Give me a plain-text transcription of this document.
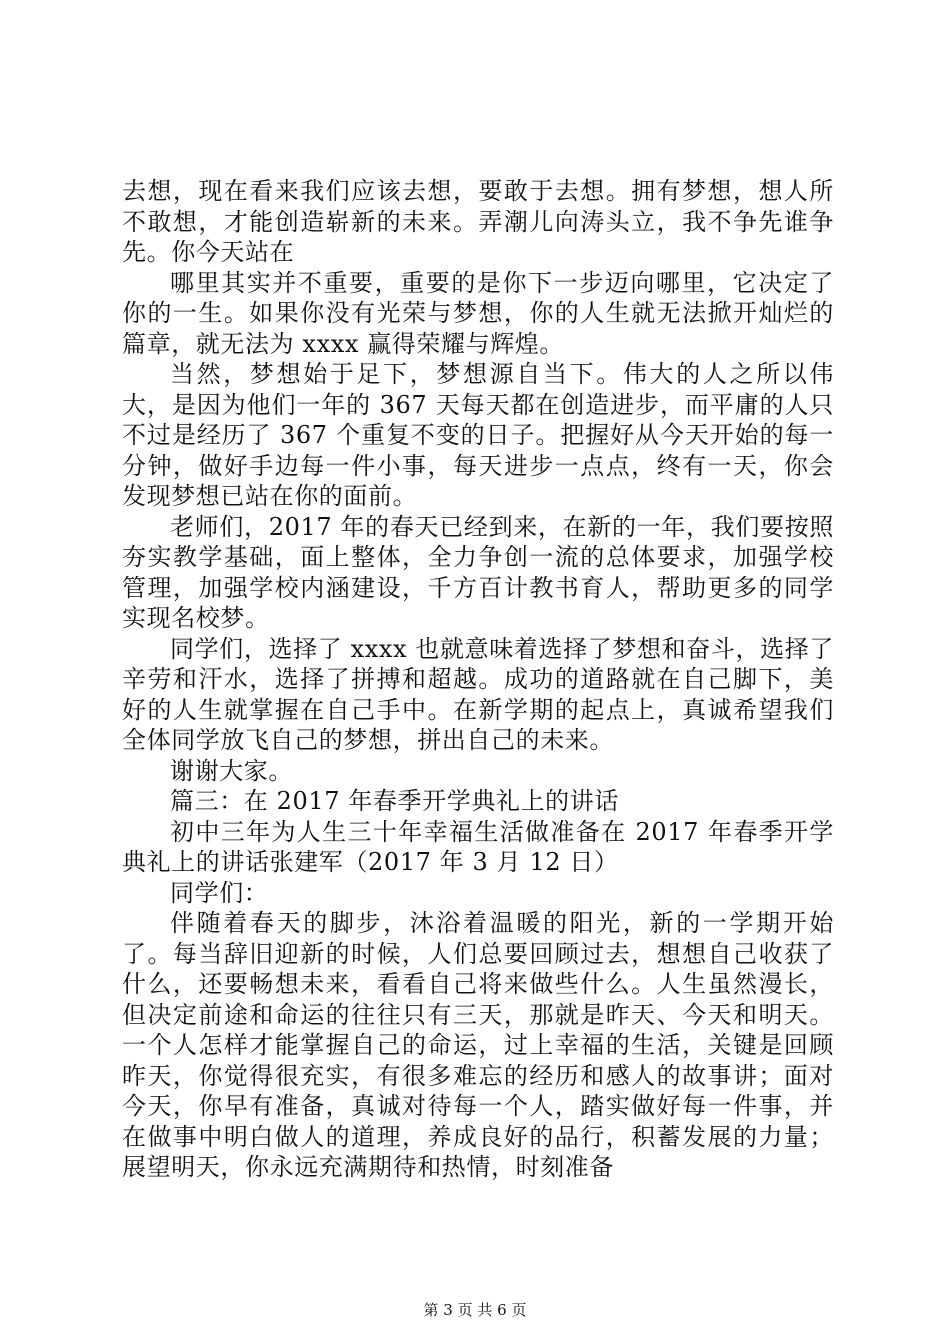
去想，现在看来我们应该去想，要敢于去想。拥有梦想，想人所不敢想，才能创造崭新的未来。弄潮儿向涛头立，我不争先谁争先。你今天站在

哪里其实并不重要，重要的是你下一步迈向哪里，它决定了你的一生。如果你没有光荣与梦想，你的人生就无法掀开灿烂的篇章，就无法为 xxxx 赢得荣耀与辉煌。

当然，梦想始于足下，梦想源自当下。伟大的人之所以伟大，是因为他们一年的 367 天每天都在创造进步，而平庸的人只不过是经历了 367 个重复不变的日子。把握好从今天开始的每一分钟，做好手边每一件小事，每天进步一点点，终有一天，你会发现梦想已站在你的面前。

老师们，2017 年的春天已经到来，在新的一年，我们要按照夯实教学基础，面上整体，全力争创一流的总体要求，加强学校管理，加强学校内涵建设，千方百计教书育人，帮助更多的同学实现名校梦。

同学们，选择了 xxxx 也就意味着选择了梦想和奋斗，选择了辛劳和汗水，选择了拼搏和超越。成功的道路就在自己脚下，美好的人生就掌握在自己手中。在新学期的起点上，真诚希望我们全体同学放飞自己的梦想，拼出自己的未来。

谢谢大家。

篇三：在 2017 年春季开学典礼上的讲话

初中三年为人生三十年幸福生活做准备在 2017 年春季开学典礼上的讲话张建军（2017 年 3 月 12 日）

同学们：

伴随着春天的脚步，沐浴着温暖的阳光，新的一学期开始了。每当辞旧迎新的时候，人们总要回顾过去，想想自己收获了什么，还要畅想未来，看看自己将来做些什么。人生虽然漫长，但决定前途和命运的往往只有三天，那就是昨天、今天和明天。一个人怎样才能掌握自己的命运，过上幸福的生活，关键是回顾昨天，你觉得很充实，有很多难忘的经历和感人的故事讲；面对今天，你早有准备，真诚对待每一个人，踏实做好每一件事，并在做事中明白做人的道理，养成良好的品行，积蓄发展的力量；展望明天，你永远充满期待和热情，时刻准备

第 3 页 共 6 页
